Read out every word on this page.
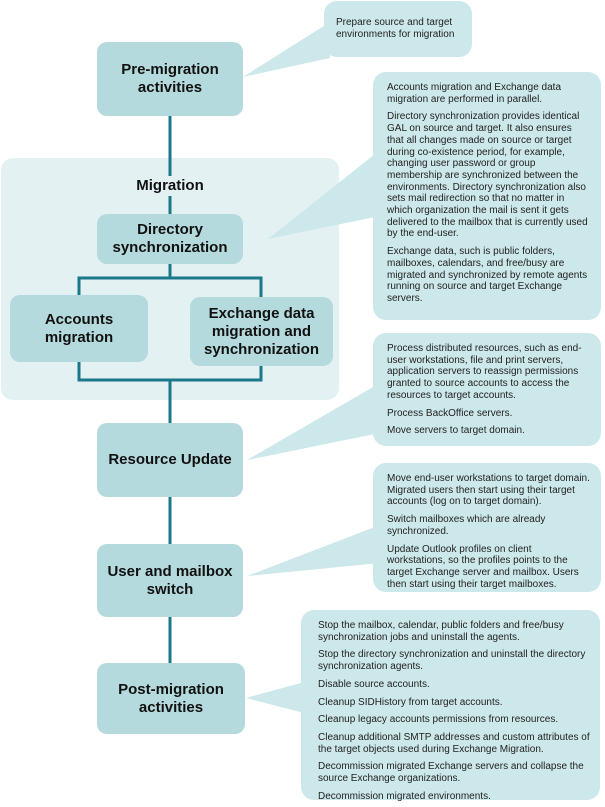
Migration
Pre-migration activities
Directory synchronization
Accounts migration
Exchange data migration and synchronization
Resource Update
User and mailbox switch
Post-migration activities

Prepare source and target environments for migration

Accounts migration and Exchange data migration are performed in parallel.

Directory synchronization provides identical GAL on source and target. It also ensures that all changes made on source or target during co-existence period, for example, changing user password or group membership are synchronized between the environments. Directory synchronization also sets mail redirection so that no matter in which organization the mail is sent it gets delivered to the mailbox that is currently used by the end-user.

Exchange data, such is public folders, mailboxes, calendars, and free/busy are migrated and synchronized by remote agents running on source and target Exchange servers.

Process distributed resources, such as end-user workstations, file and print servers, application servers to reassign permissions granted to source accounts to access the resources to target accounts.

Process BackOffice servers.

Move servers to target domain.

Move end-user workstations to target domain. Migrated users then start using their target accounts (log on to target domain).

Switch mailboxes which are already synchronized.

Update Outlook profiles on client workstations, so the profiles points to the target Exchange server and mailbox. Users then start using their target mailboxes.

Stop the mailbox, calendar, public folders and free/busy synchronization jobs and uninstall the agents.

Stop the directory synchronization and uninstall the directory synchronization agents.

Disable source accounts.

Cleanup SIDHistory from target accounts.

Cleanup legacy accounts permissions from resources.

Cleanup additional SMTP addresses and custom attributes of the target objects used during Exchange Migration.

Decommission migrated Exchange servers and collapse the source Exchange organizations.

Decommission migrated environments.
